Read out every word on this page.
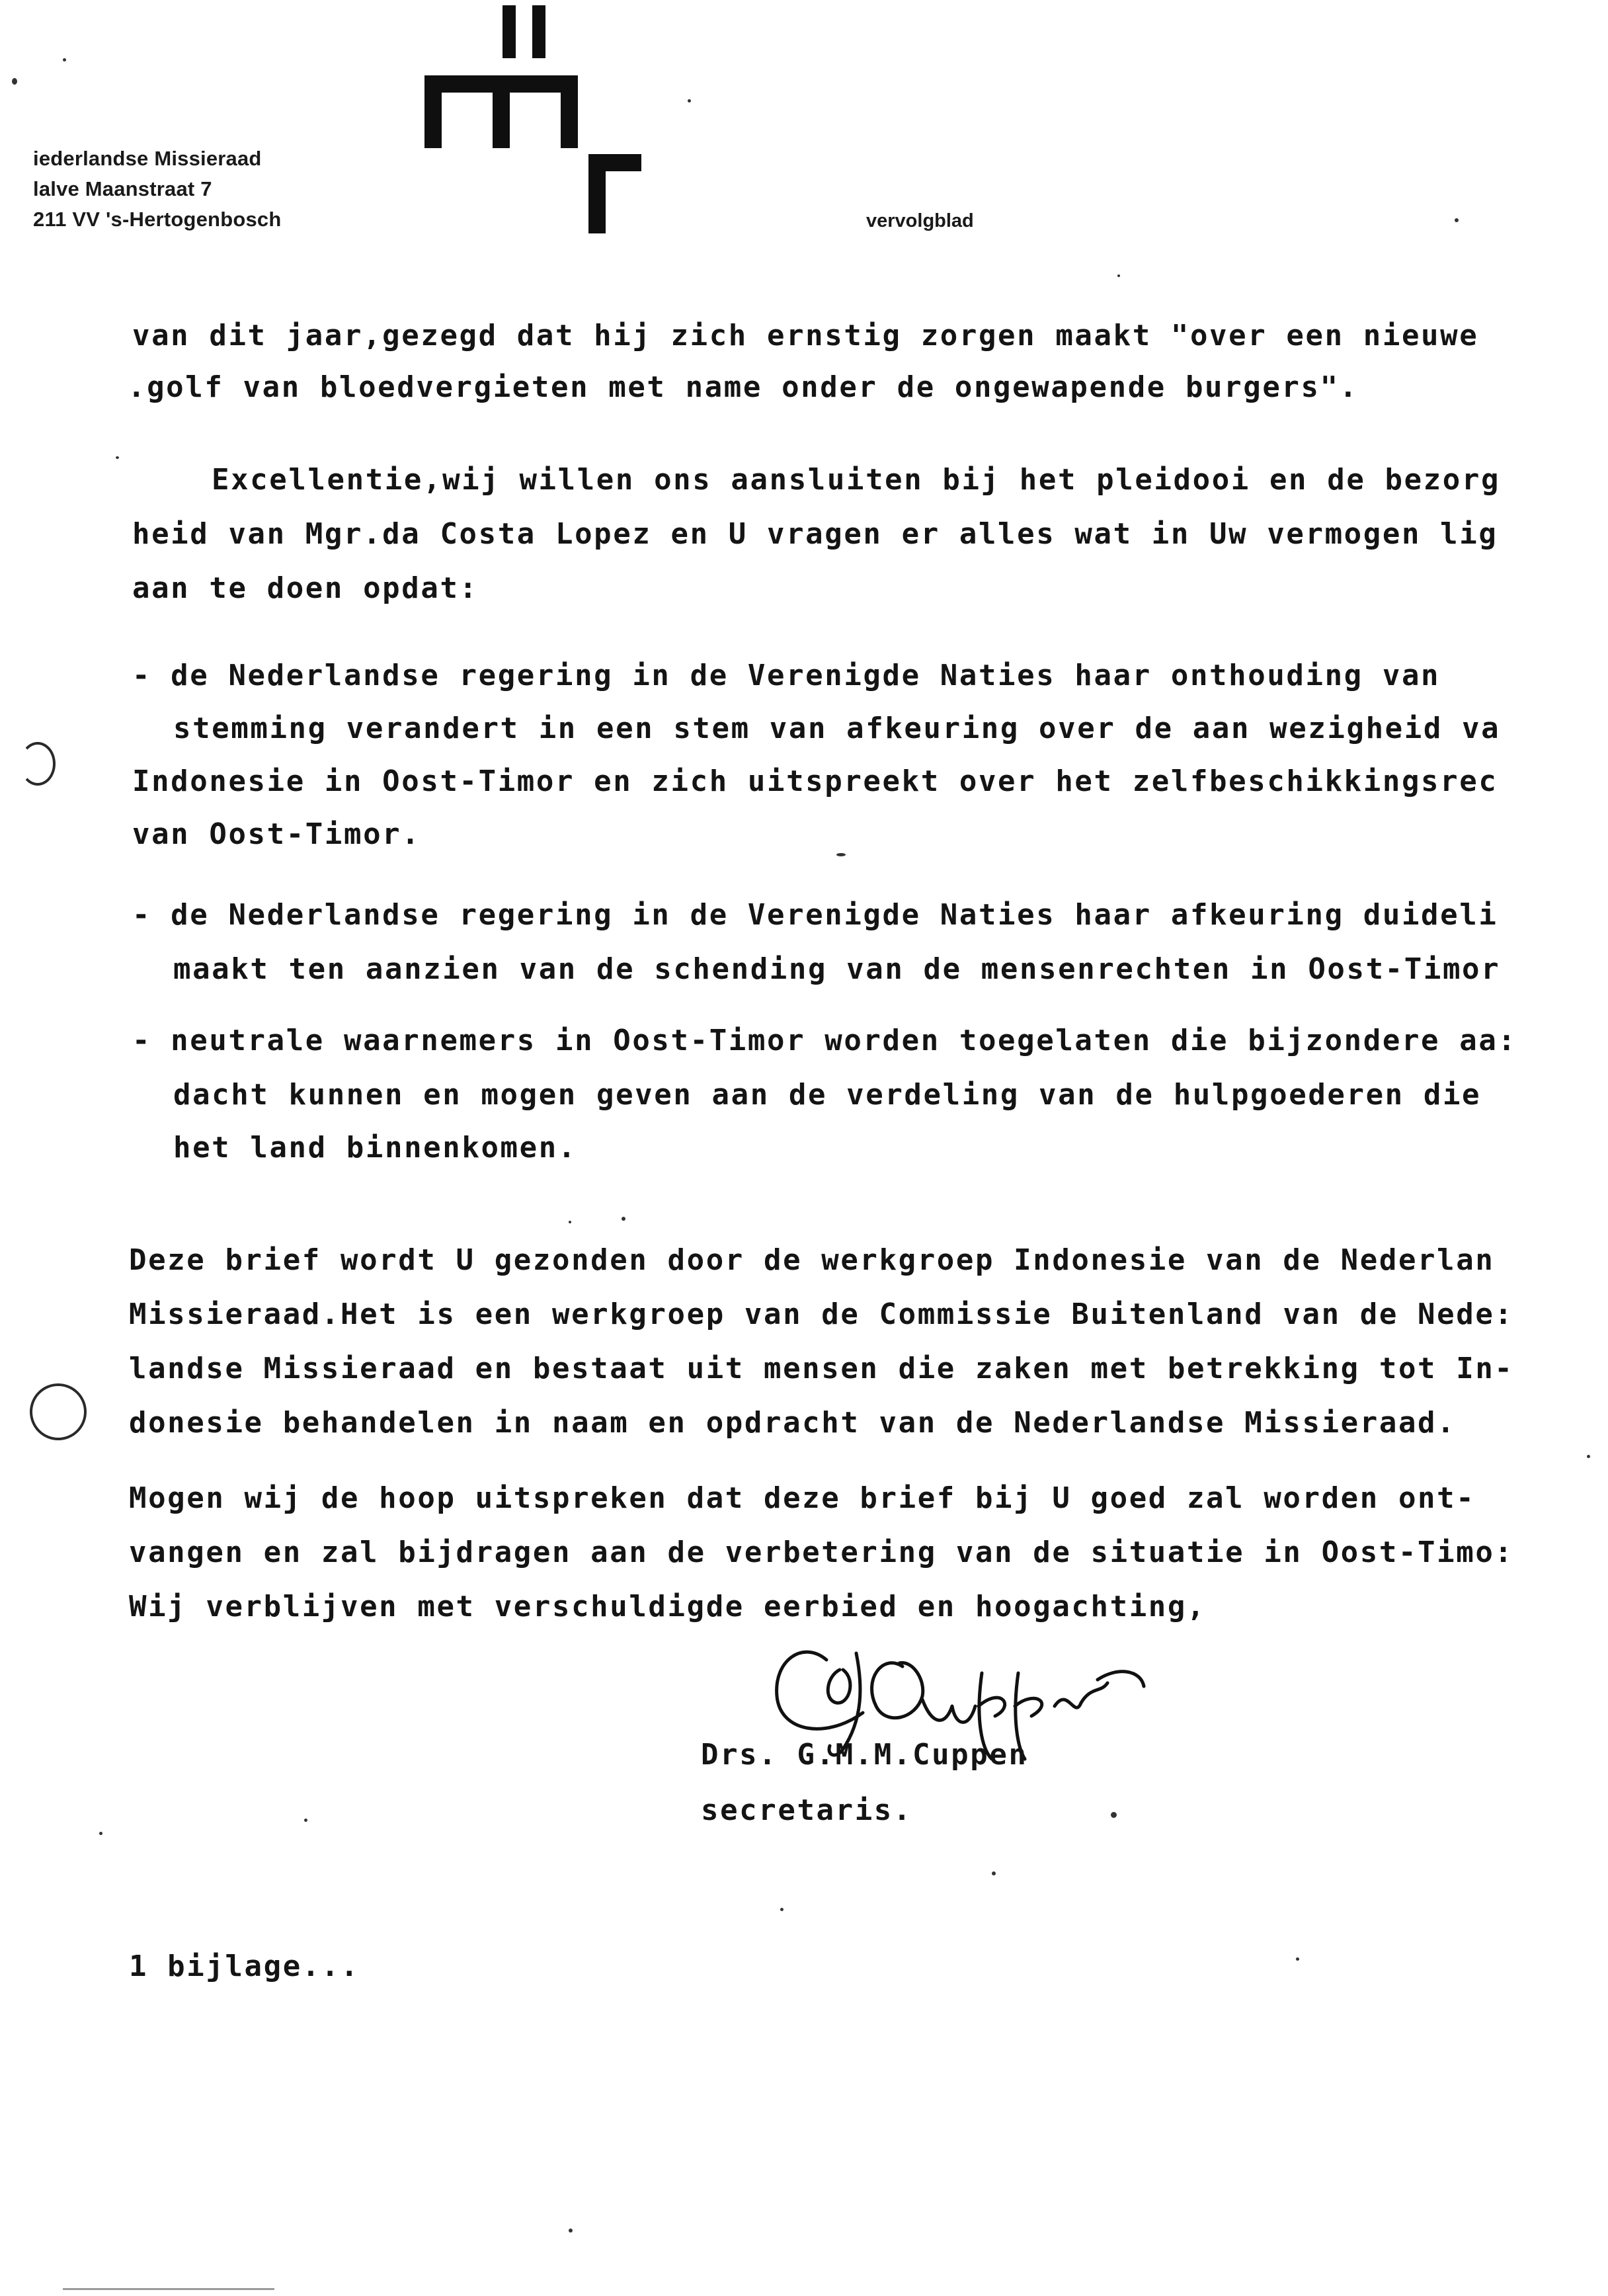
iederlandse Missieraad
lalve Maanstraat 7
211 VV 's-Hertogenbosch	vervolgblad
van dit jaar,gezegd dat hij zich ernstig zorgen maakt "over een nieuwe
.golf van bloedvergieten met name onder de ongewapende burgers".
Excellentie,wij willen ons aansluiten bij het pleidooi en de bezorg
heid van Mgr.da Costa Lopez en U vragen er alles wat in Uw vermogen lig
aan te doen opdat:
- de Nederlandse regering in de Verenigde Naties haar onthouding van
stemming verandert in een stem van afkeuring over de aan wezigheid va
Indonesie in Oost-Timor en zich uitspreekt over het zelfbeschikkingsrec
van Oost-Timor.
- de Nederlandse regering in de Verenigde Naties haar afkeuring duideli
maakt ten aanzien van de schending van de mensenrechten in Oost-Timor
- neutrale waarnemers in Oost-Timor worden toegelaten die bijzondere aa:
dacht kunnen en mogen geven aan de verdeling van de hulpgoederen die
het land binnenkomen.
Deze brief wordt U gezonden door de werkgroep Indonesie van de Nederlan
Missieraad.Het is een werkgroep van de Commissie Buitenland van de Nede:
landse Missieraad en bestaat uit mensen die zaken met betrekking tot In-
donesie behandelen in naam en opdracht van de Nederlandse Missieraad.
Mogen wij de hoop uitspreken dat deze brief bij U goed zal worden ont-
vangen en zal bijdragen aan de verbetering van de situatie in Oost-Timo:
Wij verblijven met verschuldigde eerbied en hoogachting,
Drs. G.M.M.Cuppen
secretaris.
1 bijlage...
